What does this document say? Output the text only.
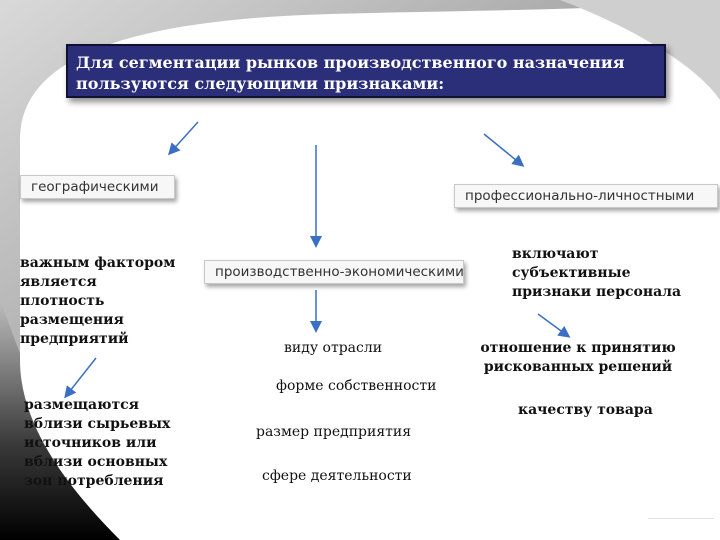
Для сегментации рынков производственного назначения
пользуются следующими признаками:
географическими
профессионально-личностными
производственно-экономическими
важным фактором
является
плотность
размещения
предприятий
размещаются
вблизи сырьевых
источников или
вблизи основных
зон потребления
виду отрасли
форме собственности
размер предприятия
сфере деятельности
включают
субъективные
признаки персонала
отношение к принятию
рискованных решений
качеству товара
